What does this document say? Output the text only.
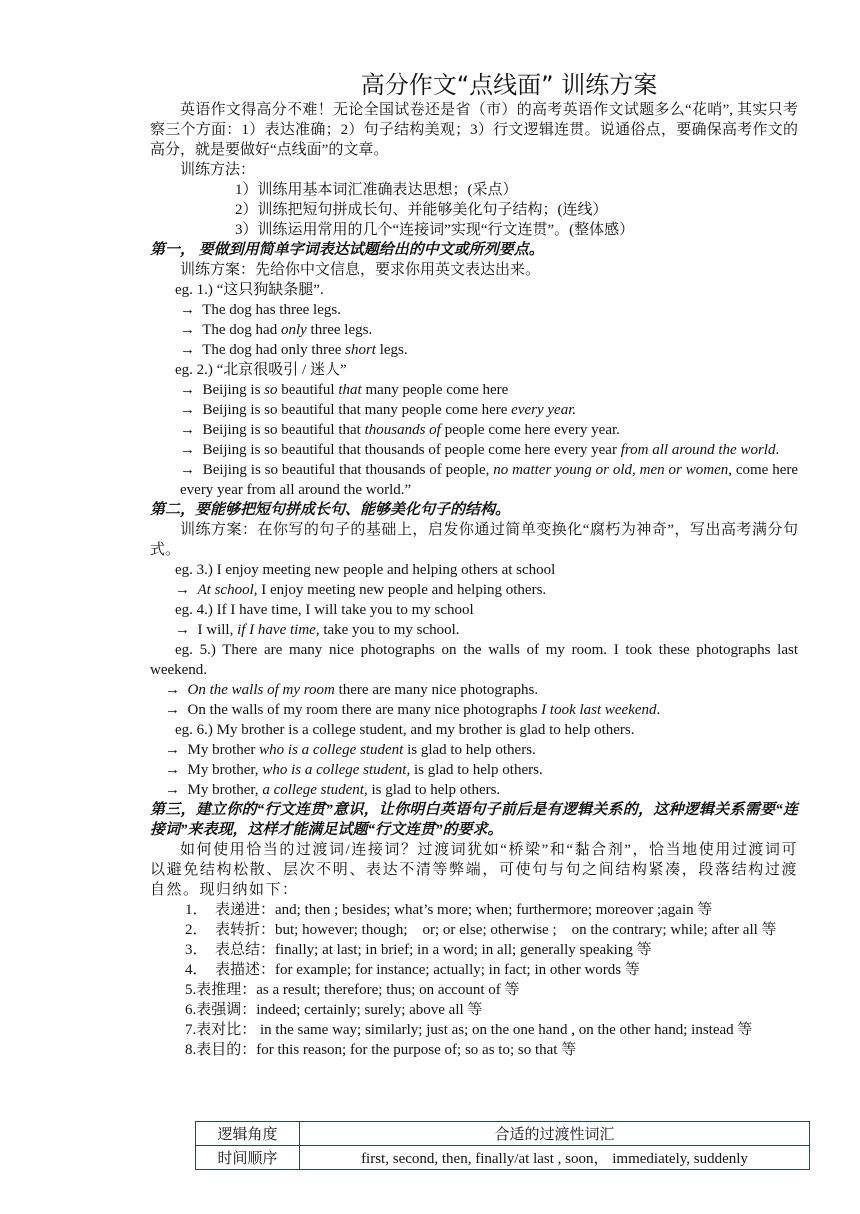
高分作文“点线面” 训练方案

英语作文得高分不难！无论全国试卷还是省（市）的高考英语作文试题多么“花哨”, 其实只考察三个方面：1）表达准确；2）句子结构美观；3）行文逻辑连贯。说通俗点，要确保高考作文的高分，就是要做好“点线面”的文章。

训练方法：

1）训练用基本词汇准确表达思想；(采点）

2）训练把短句拼成长句、并能够美化句子结构；(连线）

3）训练运用常用的几个“连接词”实现“行文连贯”。(整体感）

第一， 要做到用简单字词表达试题给出的中文或所列要点。

训练方案：先给你中文信息，要求你用英文表达出来。

eg. 1.) “这只狗缺条腿”.

→ The dog has three legs.

→ The dog had only three legs.

→ The dog had only three short legs.

eg. 2.) “北京很吸引 / 迷人”

→ Beijing is so beautiful that many people come here

→ Beijing is so beautiful that many people come here every year.

→ Beijing is so beautiful that thousands of people come here every year.

→ Beijing is so beautiful that thousands of people come here every year from all around the world.

→ Beijing is so beautiful that thousands of people, no matter young or old, men or women, come here every year from all around the world.”

第二，要能够把短句拼成长句、能够美化句子的结构。

训练方案：在你写的句子的基础上，启发你通过简单变换化“腐朽为神奇”，写出高考满分句式。

eg. 3.) I enjoy meeting new people and helping others at school

→ At school, I enjoy meeting new people and helping others.

eg. 4.) If I have time, I will take you to my school

→ I will, if I have time, take you to my school.

eg. 5.) There are many nice photographs on the walls of my room. I took these photographs last weekend.

→ On the walls of my room there are many nice photographs.

→ On the walls of my room there are many nice photographs I took last weekend.

eg. 6.) My brother is a college student, and my brother is glad to help others.

→ My brother who is a college student is glad to help others.

→ My brother, who is a college student, is glad to help others.

→ My brother, a college student, is glad to help others.

第三，建立你的“行文连贯”意识，让你明白英语句子前后是有逻辑关系的，这种逻辑关系需要“连接词”来表现，这样才能满足试题“行文连贯”的要求。

如何使用恰当的过渡词/连接词？过渡词犹如“桥梁”和“黏合剂”，恰当地使用过渡词可以避免结构松散、层次不明、表达不清等弊端，可使句与句之间结构紧凑，段落结构过渡自然。现归纳如下：

1．　表递进：and; then ; besides; what’s more; when; furthermore; moreover ;again 等

2．　表转折：but; however; though;　or; or else; otherwise ;　on the contrary; while; after all 等

3．　表总结：finally; at last; in brief; in a word; in all; generally speaking 等

4．　表描述：for example; for instance; actually; in fact; in other words 等

5.表推理：as a result; therefore; thus; on account of 等

6.表强调：indeed; certainly; surely; above all 等

7.表对比： in the same way; similarly; just as; on the one hand , on the other hand; instead 等

8.表目的：for this reason; for the purpose of; so as to; so that 等

逻辑角度	合适的过渡性词汇
时间顺序	first, second, then, finally/at last , soon， immediately, suddenly
